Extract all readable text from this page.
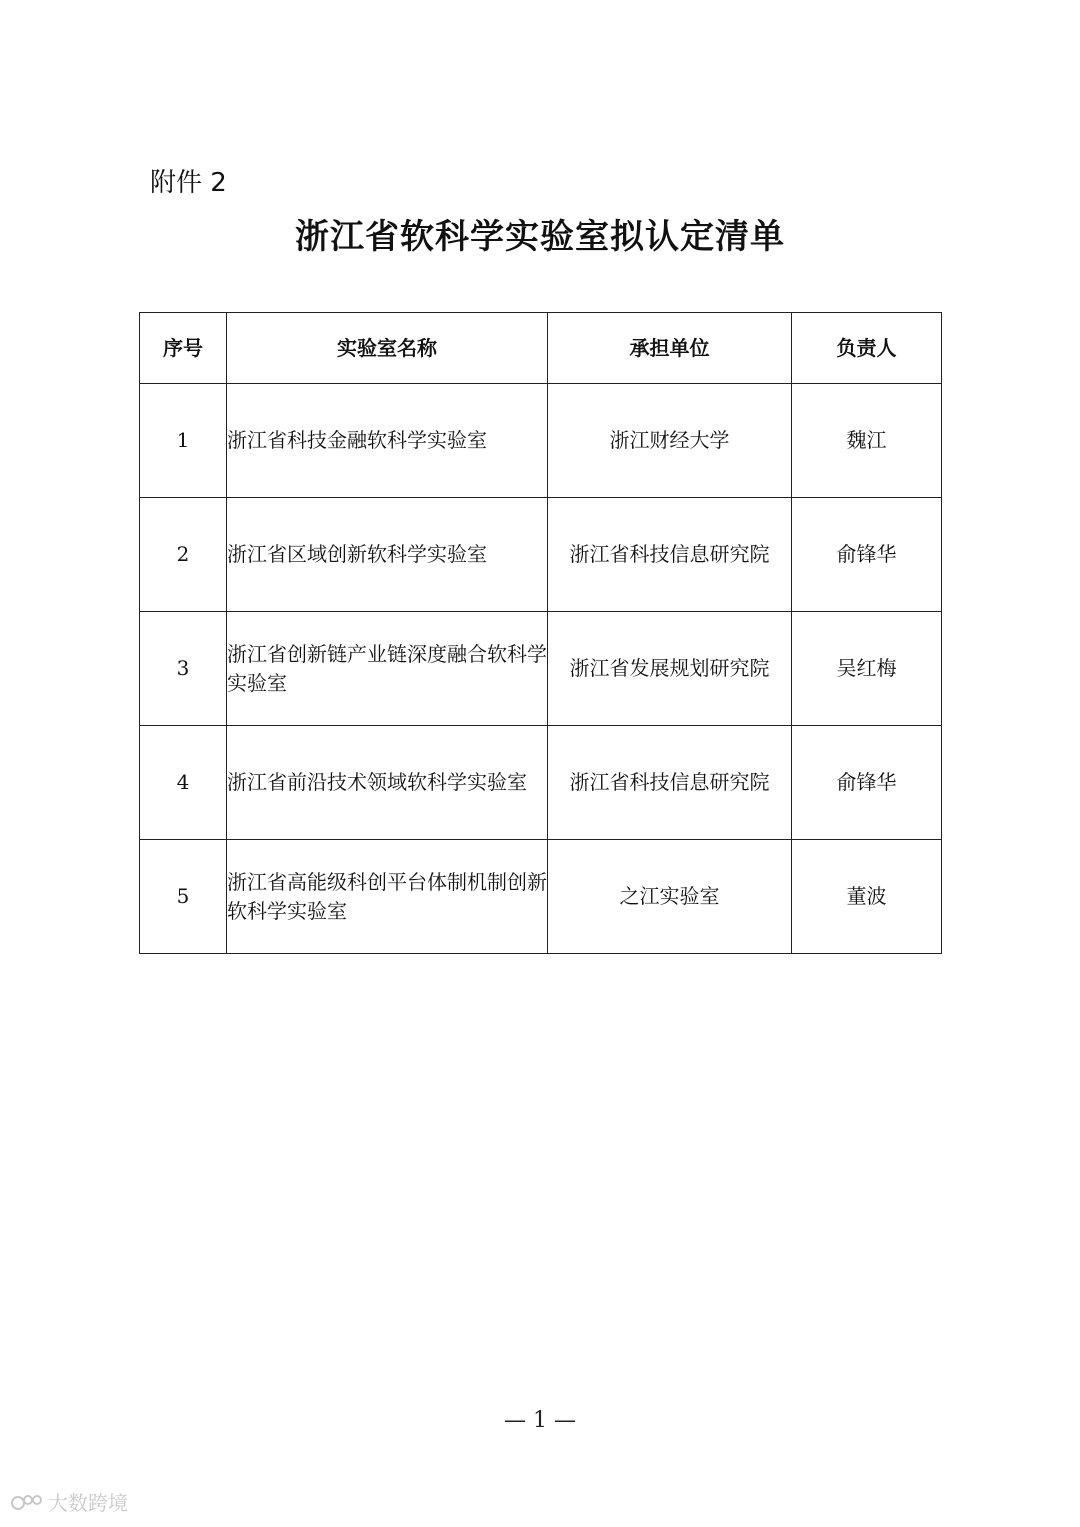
附件 2
浙江省软科学实验室拟认定清单
序号	实验室名称	承担单位	负责人
1	浙江省科技金融软科学实验室	浙江财经大学	魏江
2	浙江省区域创新软科学实验室	浙江省科技信息研究院	俞锋华
3	浙江省创新链产业链深度融合软科学实验室	浙江省发展规划研究院	吴红梅
4	浙江省前沿技术领域软科学实验室	浙江省科技信息研究院	俞锋华
5	浙江省高能级科创平台体制机制创新软科学实验室	之江实验室	董波
— 1 —
大数跨境
